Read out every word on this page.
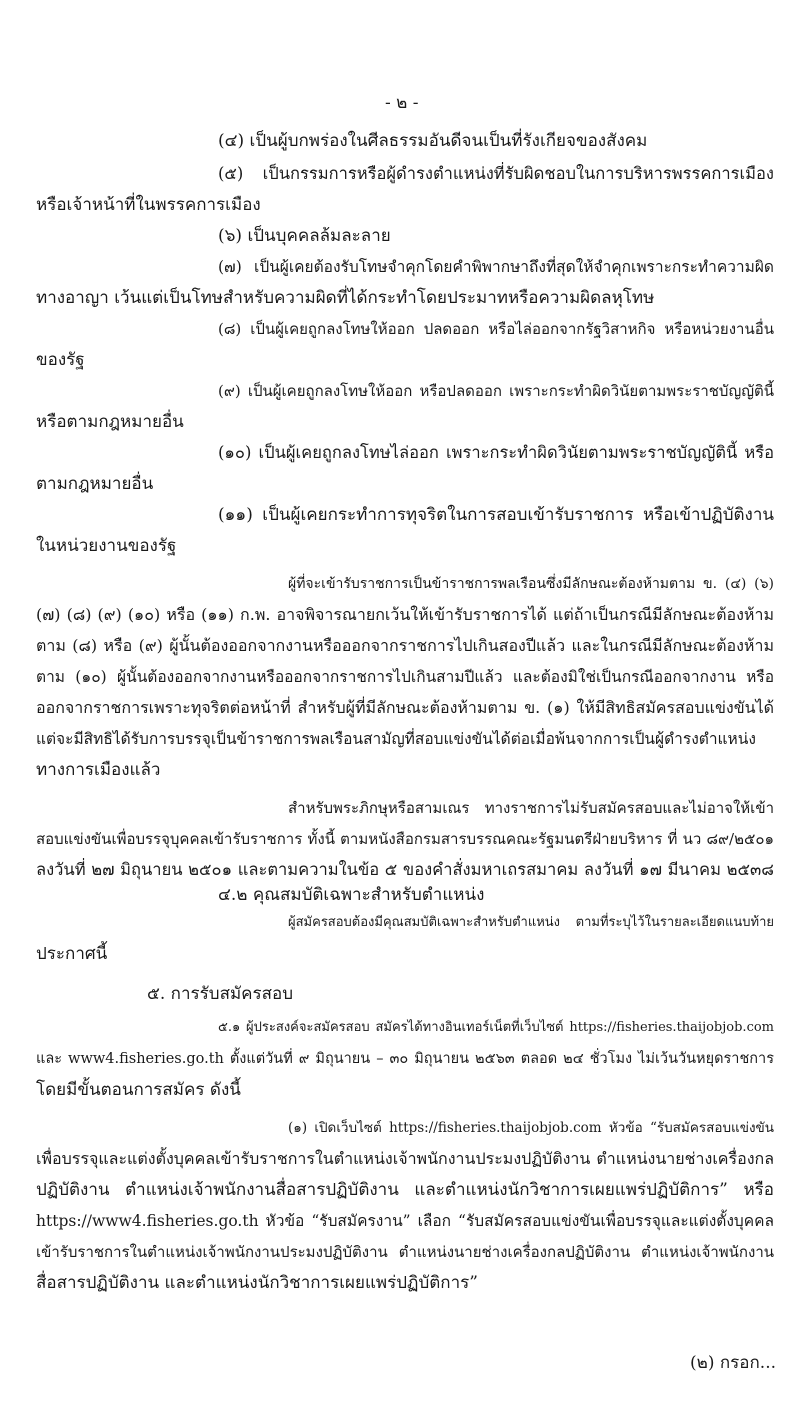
- ๒ -
(๔) เป็นผู้บกพร่องในศีลธรรมอันดีจนเป็นที่รังเกียจของสังคม
(๕) เป็นกรรมการหรือผู้ดำรงตำแหน่งที่รับผิดชอบในการบริหารพรรคการเมือง
หรือเจ้าหน้าที่ในพรรคการเมือง
(๖) เป็นบุคคลล้มละลาย
(๗) เป็นผู้เคยต้องรับโทษจำคุกโดยคำพิพากษาถึงที่สุดให้จำคุกเพราะกระทำความผิด
ทางอาญา เว้นแต่เป็นโทษสำหรับความผิดที่ได้กระทำโดยประมาทหรือความผิดลหุโทษ
(๘) เป็นผู้เคยถูกลงโทษให้ออก ปลดออก หรือไล่ออกจากรัฐวิสาหกิจ หรือหน่วยงานอื่น
ของรัฐ
(๙) เป็นผู้เคยถูกลงโทษให้ออก หรือปลดออก เพราะกระทำผิดวินัยตามพระราชบัญญัตินี้
หรือตามกฎหมายอื่น
(๑๐) เป็นผู้เคยถูกลงโทษไล่ออก เพราะกระทำผิดวินัยตามพระราชบัญญัตินี้ หรือ
ตามกฎหมายอื่น
(๑๑) เป็นผู้เคยกระทำการทุจริตในการสอบเข้ารับราชการ หรือเข้าปฏิบัติงาน
ในหน่วยงานของรัฐ
ผู้ที่จะเข้ารับราชการเป็นข้าราชการพลเรือนซึ่งมีลักษณะต้องห้ามตาม ข. (๔) (๖)
(๗) (๘) (๙) (๑๐) หรือ (๑๑) ก.พ. อาจพิจารณายกเว้นให้เข้ารับราชการได้ แต่ถ้าเป็นกรณีมีลักษณะต้องห้าม
ตาม (๘) หรือ (๙) ผู้นั้นต้องออกจากงานหรือออกจากราชการไปเกินสองปีแล้ว และในกรณีมีลักษณะต้องห้าม
ตาม (๑๐) ผู้นั้นต้องออกจากงานหรือออกจากราชการไปเกินสามปีแล้ว และต้องมิใช่เป็นกรณีออกจากงาน หรือ
ออกจากราชการเพราะทุจริตต่อหน้าที่ สำหรับผู้ที่มีลักษณะต้องห้ามตาม ข. (๑) ให้มีสิทธิสมัครสอบแข่งขันได้
แต่จะมีสิทธิได้รับการบรรจุเป็นข้าราชการพลเรือนสามัญที่สอบแข่งขันได้ต่อเมื่อพ้นจากการเป็นผู้ดำรงตำแหน่ง
ทางการเมืองแล้ว
สำหรับพระภิกษุหรือสามเณร ทางราชการไม่รับสมัครสอบและไม่อาจให้เข้า
สอบแข่งขันเพื่อบรรจุบุคคลเข้ารับราชการ ทั้งนี้ ตามหนังสือกรมสารบรรณคณะรัฐมนตรีฝ่ายบริหาร ที่ นว ๘๙/๒๕๐๑
ลงวันที่ ๒๗ มิถุนายน ๒๕๐๑ และตามความในข้อ ๕ ของคำสั่งมหาเถรสมาคม ลงวันที่ ๑๗ มีนาคม ๒๕๓๘
๔.๒ คุณสมบัติเฉพาะสำหรับตำแหน่ง
ผู้สมัครสอบต้องมีคุณสมบัติเฉพาะสำหรับตำแหน่ง ตามที่ระบุไว้ในรายละเอียดแนบท้าย
ประกาศนี้
๕. การรับสมัครสอบ
๕.๑ ผู้ประสงค์จะสมัครสอบ สมัครได้ทางอินเทอร์เน็ตที่เว็บไซต์ https://fisheries.thaijobjob.com
และ www4.fisheries.go.th ตั้งแต่วันที่ ๙ มิถุนายน – ๓๐ มิถุนายน ๒๕๖๓ ตลอด ๒๔ ชั่วโมง ไม่เว้นวันหยุดราชการ
โดยมีขั้นตอนการสมัคร ดังนี้
(๑) เปิดเว็บไซต์ https://fisheries.thaijobjob.com หัวข้อ “รับสมัครสอบแข่งขัน
เพื่อบรรจุและแต่งตั้งบุคคลเข้ารับราชการในตำแหน่งเจ้าพนักงานประมงปฏิบัติงาน ตำแหน่งนายช่างเครื่องกล
ปฏิบัติงาน ตำแหน่งเจ้าพนักงานสื่อสารปฏิบัติงาน และตำแหน่งนักวิชาการเผยแพร่ปฏิบัติการ” หรือ
https://www4.fisheries.go.th หัวข้อ “รับสมัครงาน” เลือก “รับสมัครสอบแข่งขันเพื่อบรรจุและแต่งตั้งบุคคล
เข้ารับราชการในตำแหน่งเจ้าพนักงานประมงปฏิบัติงาน ตำแหน่งนายช่างเครื่องกลปฏิบัติงาน ตำแหน่งเจ้าพนักงาน
สื่อสารปฏิบัติงาน และตำแหน่งนักวิชาการเผยแพร่ปฏิบัติการ”
(๒) กรอก...
